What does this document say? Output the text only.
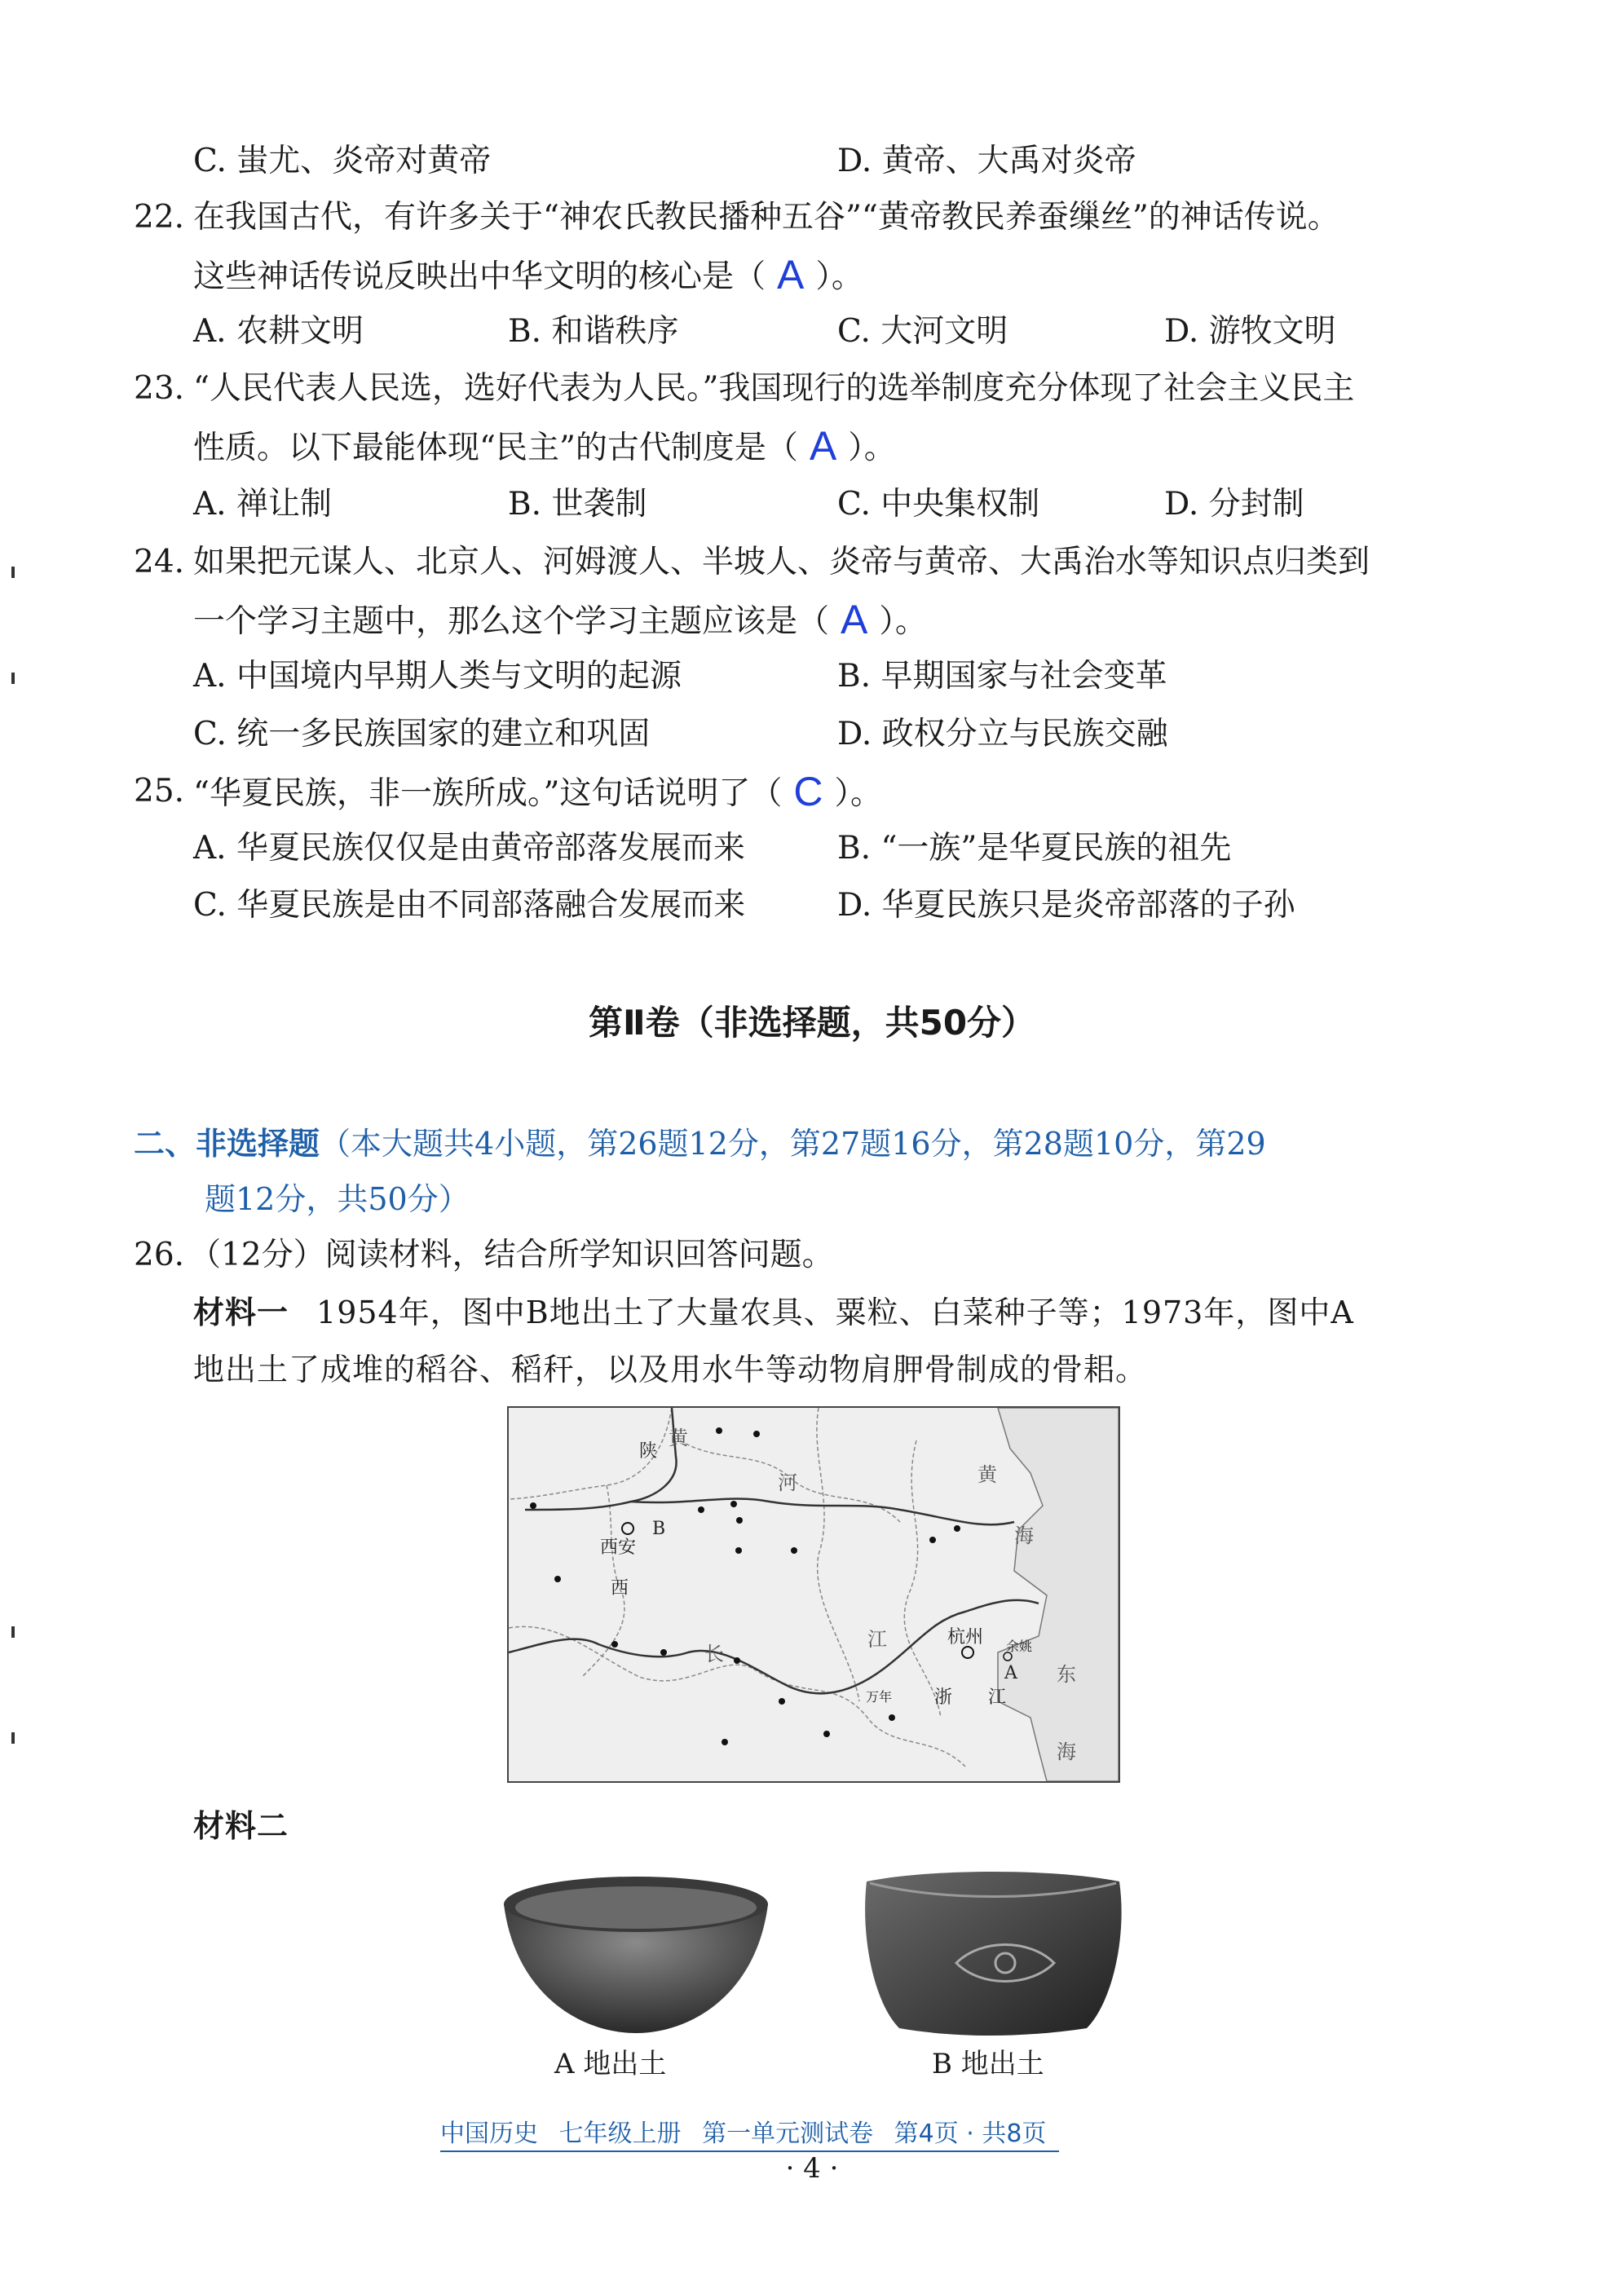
C. 蚩尤、炎帝对黄帝	D. 黄帝、大禹对炎帝
22. 在我国古代，有许多关于“神农氏教民播种五谷”“黄帝教民养蚕缫丝”的神话传说。
这些神话传说反映出中华文明的核心是（ A ）。
A. 农耕文明	B. 和谐秩序	C. 大河文明	D. 游牧文明
23. “人民代表人民选，选好代表为人民。”我国现行的选举制度充分体现了社会主义民主
性质。以下最能体现“民主”的古代制度是（ A ）。
A. 禅让制	B. 世袭制	C. 中央集权制	D. 分封制
24. 如果把元谋人、北京人、河姆渡人、半坡人、炎帝与黄帝、大禹治水等知识点归类到
一个学习主题中，那么这个学习主题应该是（ A ）。
A. 中国境内早期人类与文明的起源	B. 早期国家与社会变革
C. 统一多民族国家的建立和巩固	D. 政权分立与民族交融
25. “华夏民族，非一族所成。”这句话说明了（ C ）。
A. 华夏民族仅仅是由黄帝部落发展而来	B. “一族”是华夏民族的祖先
C. 华夏民族是由不同部落融合发展而来	D. 华夏民族只是炎帝部落的子孙
第Ⅱ卷（非选择题，共50分）
二、非选择题（本大题共4小题，第26题12分，第27题16分，第28题10分，第29
题12分，共50分）
26. （12分）阅读材料，结合所学知识回答问题。
材料一 1954年，图中B地出土了大量农具、粟粒、白菜种子等；1973年，图中A
地出土了成堆的稻谷、稻秆，以及用水牛等动物肩胛骨制成的骨耜。
陕
西
西安
B
黄
河	黄
海
长
江	杭州 余姚
A
万年 浙 江
东
海
材料二
A 地出土	B 地出土
中国历史 七年级上册 第一单元测试卷 第4页 · 共8页
· 4 ·
